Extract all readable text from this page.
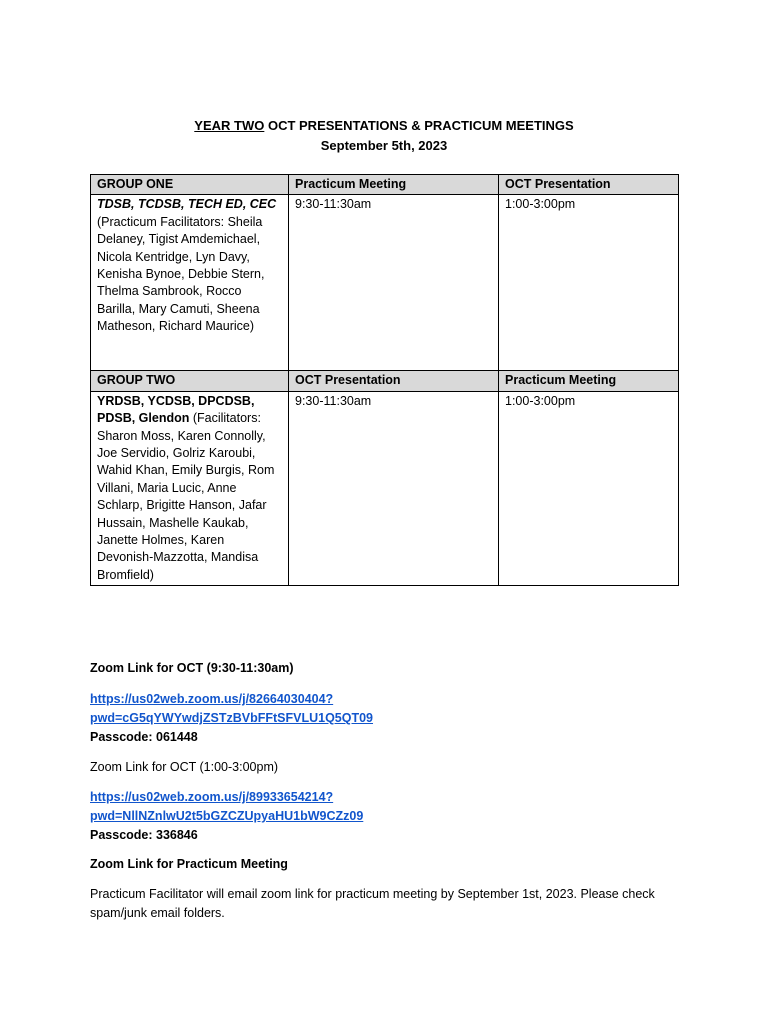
YEAR TWO OCT PRESENTATIONS & PRACTICUM MEETINGS
September 5th, 2023
GROUP ONE	Practicum Meeting	OCT Presentation
TDSB, TCDSB, TECH ED, CEC
(Practicum Facilitators: Sheila Delaney, Tigist Amdemichael, Nicola Kentridge, Lyn Davy, Kenisha Bynoe, Debbie Stern, Thelma Sambrook, Rocco Barilla, Mary Camuti, Sheena Matheson, Richard Maurice)	9:30-11:30am	1:00-3:00pm
GROUP TWO	OCT Presentation	Practicum Meeting
YRDSB, YCDSB, DPCDSB, PDSB, Glendon (Facilitators: Sharon Moss, Karen Connolly, Joe Servidio, Golriz Karoubi, Wahid Khan, Emily Burgis, Rom Villani, Maria Lucic, Anne Schlarp, Brigitte Hanson, Jafar Hussain, Mashelle Kaukab, Janette Holmes, Karen Devonish-Mazzotta, Mandisa Bromfield)	9:30-11:30am	1:00-3:00pm
Zoom Link for OCT (9:30-11:30am)
https://us02web.zoom.us/j/82664030404?
pwd=cG5qYWYwdjZSTzBVbFFtSFVLU1Q5QT09
Passcode: 061448
Zoom Link for OCT (1:00-3:00pm)
https://us02web.zoom.us/j/89933654214?
pwd=NllNZnlwU2t5bGZCZUpyaHU1bW9CZz09
Passcode: 336846
Zoom Link for Practicum Meeting
Practicum Facilitator will email zoom link for practicum meeting by September 1st, 2023. Please check spam/junk email folders.
